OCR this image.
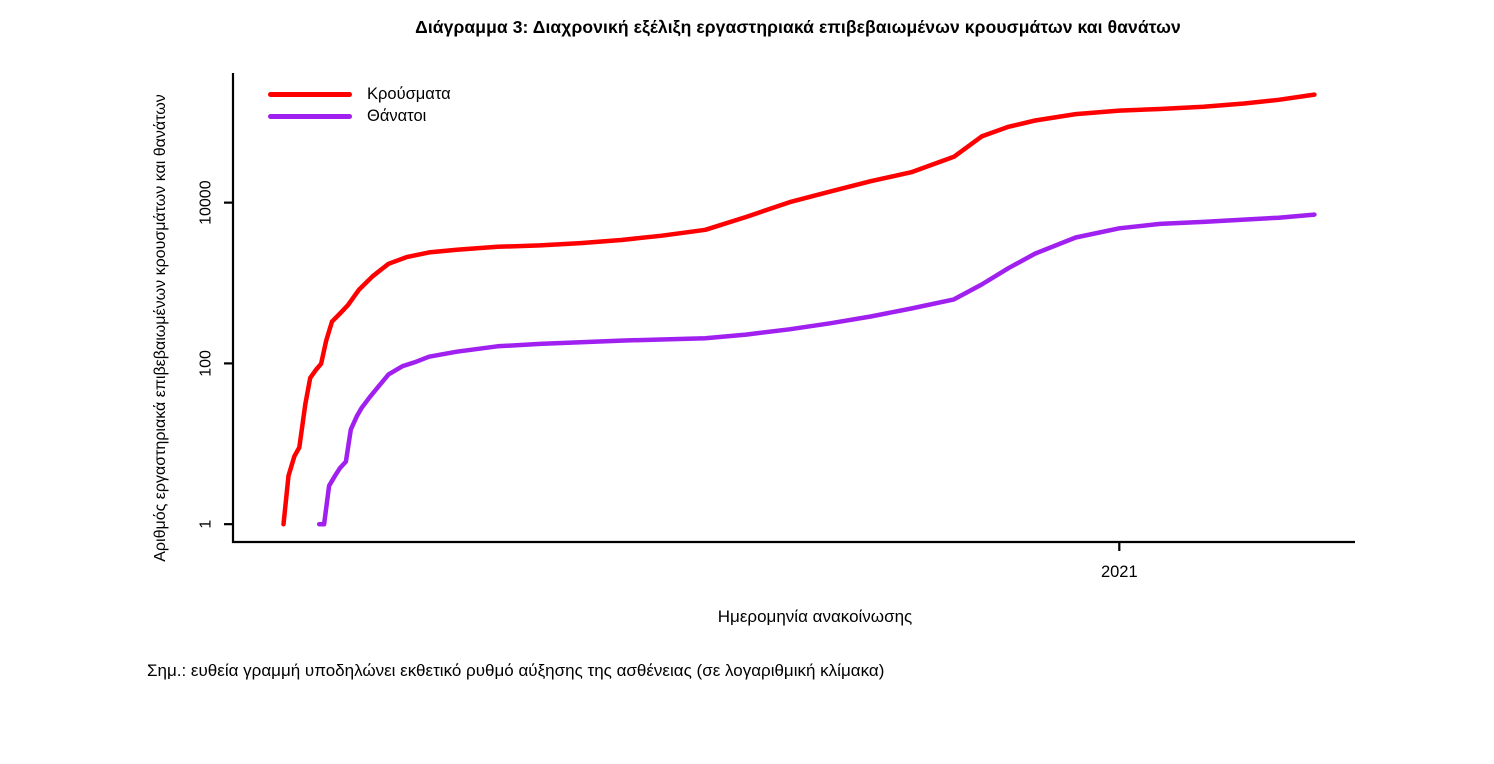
Διάγραμμα 3: Διαχρονική εξέλιξη εργαστηριακά επιβεβαιωμένων κρουσμάτων και θανάτων
1
100
10000
2021
Αριθμός εργαστηριακά επιβεβαιωμένων κρουσμάτων και θανάτων
Ημερομηνία ανακοίνωσης
Κρούσματα
Θάνατοι
Σημ.: ευθεία γραμμή υποδηλώνει εκθετικό ρυθμό αύξησης της ασθένειας (σε λογαριθμική κλίμακα)
